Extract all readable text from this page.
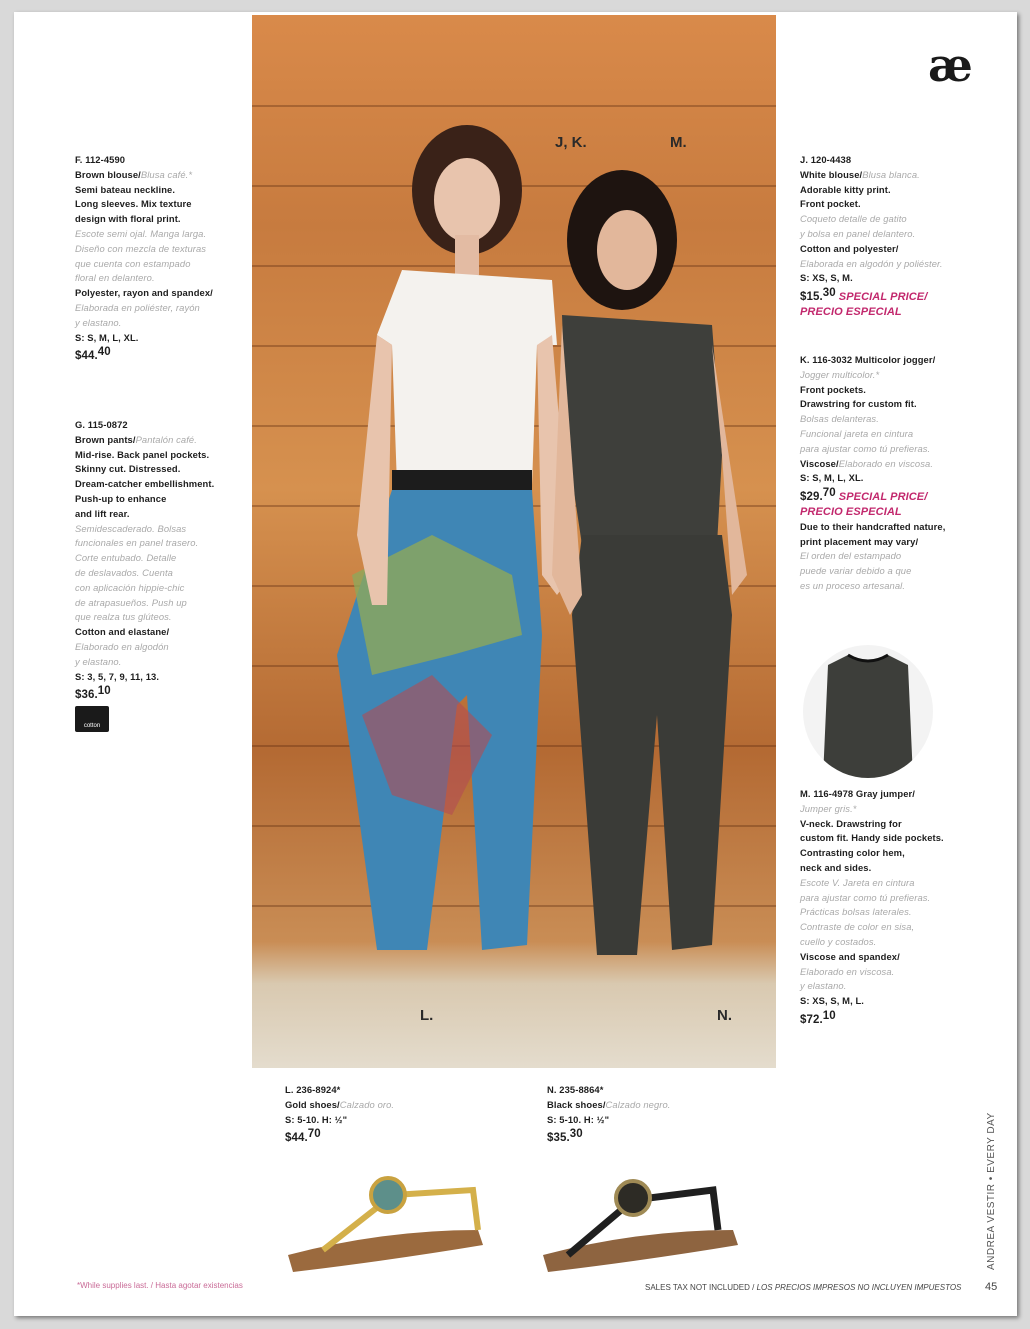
æ
J, K.	M.
L.	N.
F. 112-4590
Brown blouse/Blusa café.*
Semi bateau neckline.
Long sleeves. Mix texture
design with floral print.
Escote semi ojal. Manga larga.
Diseño con mezcla de texturas
que cuenta con estampado
floral en delantero.
Polyester, rayon and spandex/
Elaborada en poliéster, rayón
y elastano.
S: S, M, L, XL.
$44.40
G. 115-0872
Brown pants/Pantalón café.
Mid-rise. Back panel pockets.
Skinny cut. Distressed.
Dream-catcher embellishment.
Push-up to enhance
and lift rear.
Semidescaderado. Bolsas
funcionales en panel trasero.
Corte entubado. Detalle
de deslavados. Cuenta
con aplicación hippie-chic
de atrapasueños. Push up
que realza tus glúteos.
Cotton and elastane/
Elaborado en algodón
y elastano.
S: 3, 5, 7, 9, 11, 13.
$36.10
J. 120-4438
White blouse/Blusa blanca.
Adorable kitty print.
Front pocket.
Coqueto detalle de gatito
y bolsa en panel delantero.
Cotton and polyester/
Elaborada en algodón y poliéster.
S: XS, S, M.
$15.30 SPECIAL PRICE/
PRECIO ESPECIAL
K. 116-3032 Multicolor jogger/
Jogger multicolor.*
Front pockets.
Drawstring for custom fit.
Bolsas delanteras.
Funcional jareta en cintura
para ajustar como tú prefieras.
Viscose/Elaborado en viscosa.
S: S, M, L, XL.
$29.70 SPECIAL PRICE/
PRECIO ESPECIAL
Due to their handcrafted nature,
print placement may vary/
El orden del estampado
puede variar debido a que
es un proceso artesanal.
M. 116-4978 Gray jumper/
Jumper gris.*
V-neck. Drawstring for
custom fit. Handy side pockets.
Contrasting color hem,
neck and sides.
Escote V. Jareta en cintura
para ajustar como tú prefieras.
Prácticas bolsas laterales.
Contraste de color en sisa,
cuello y costados.
Viscose and spandex/
Elaborado en viscosa.
y elastano.
S: XS, S, M, L.
$72.10
L. 236-8924*
Gold shoes/Calzado oro.
S: 5-10. H: ½"
$44.70
N. 235-8864*
Black shoes/Calzado negro.
S: 5-10. H: ½"
$35.30
cotton
*While supplies last. / Hasta agotar existencias	SALES TAX NOT INCLUDED / LOS PRECIOS IMPRESOS NO INCLUYEN IMPUESTOS 45
ANDREA VESTIR • EVERY DAY
